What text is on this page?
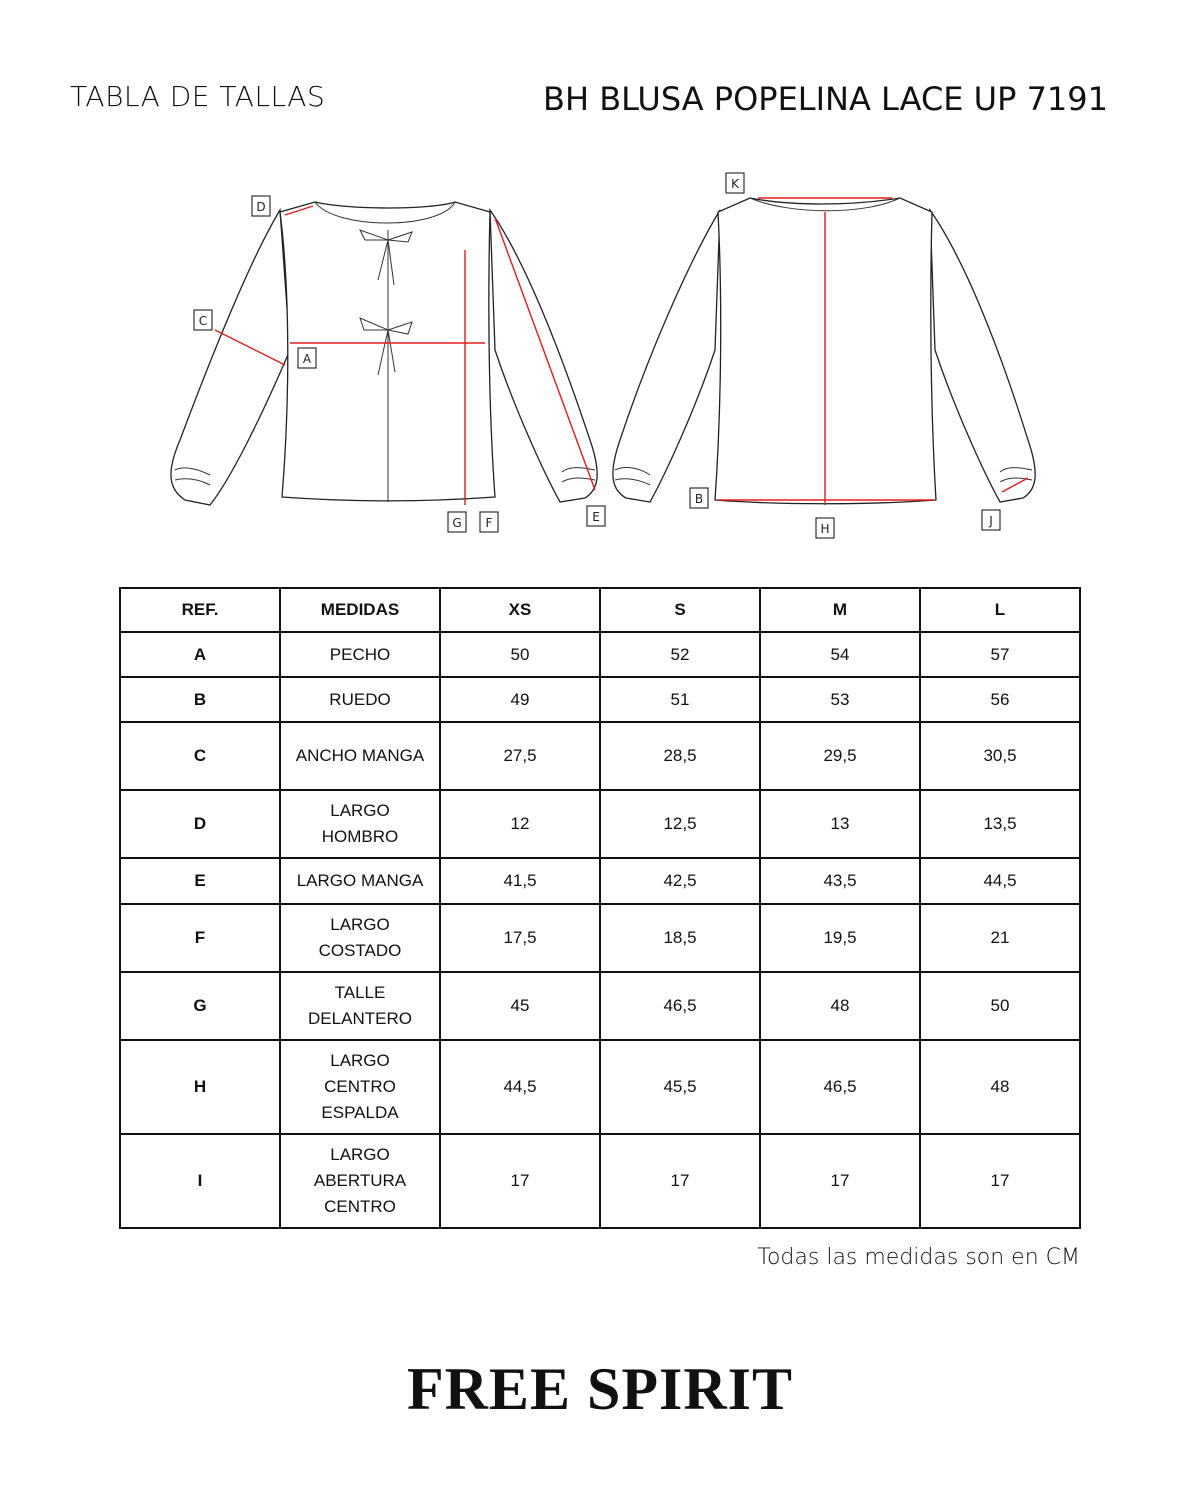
TABLA DE TALLAS	BH BLUSA POPELINA LACE UP 7191
D
C
A
G F	E
K
B
H
J
REF.	MEDIDAS	XS	S	M	L
A	PECHO	50	52	54	57
B	RUEDO	49	51	53	56
C	ANCHO MANGA	27,5	28,5	29,5	30,5
D	LARGO HOMBRO	12	12,5	13	13,5
E	LARGO MANGA	41,5	42,5	43,5	44,5
F	LARGO COSTADO	17,5	18,5	19,5	21
G	TALLE DELANTERO	45	46,5	48	50
H	LARGO CENTRO ESPALDA	44,5	45,5	46,5	48
I	LARGO ABERTURA CENTRO	17	17	17	17
Todas las medidas son en CM
FREE SPIRIT
